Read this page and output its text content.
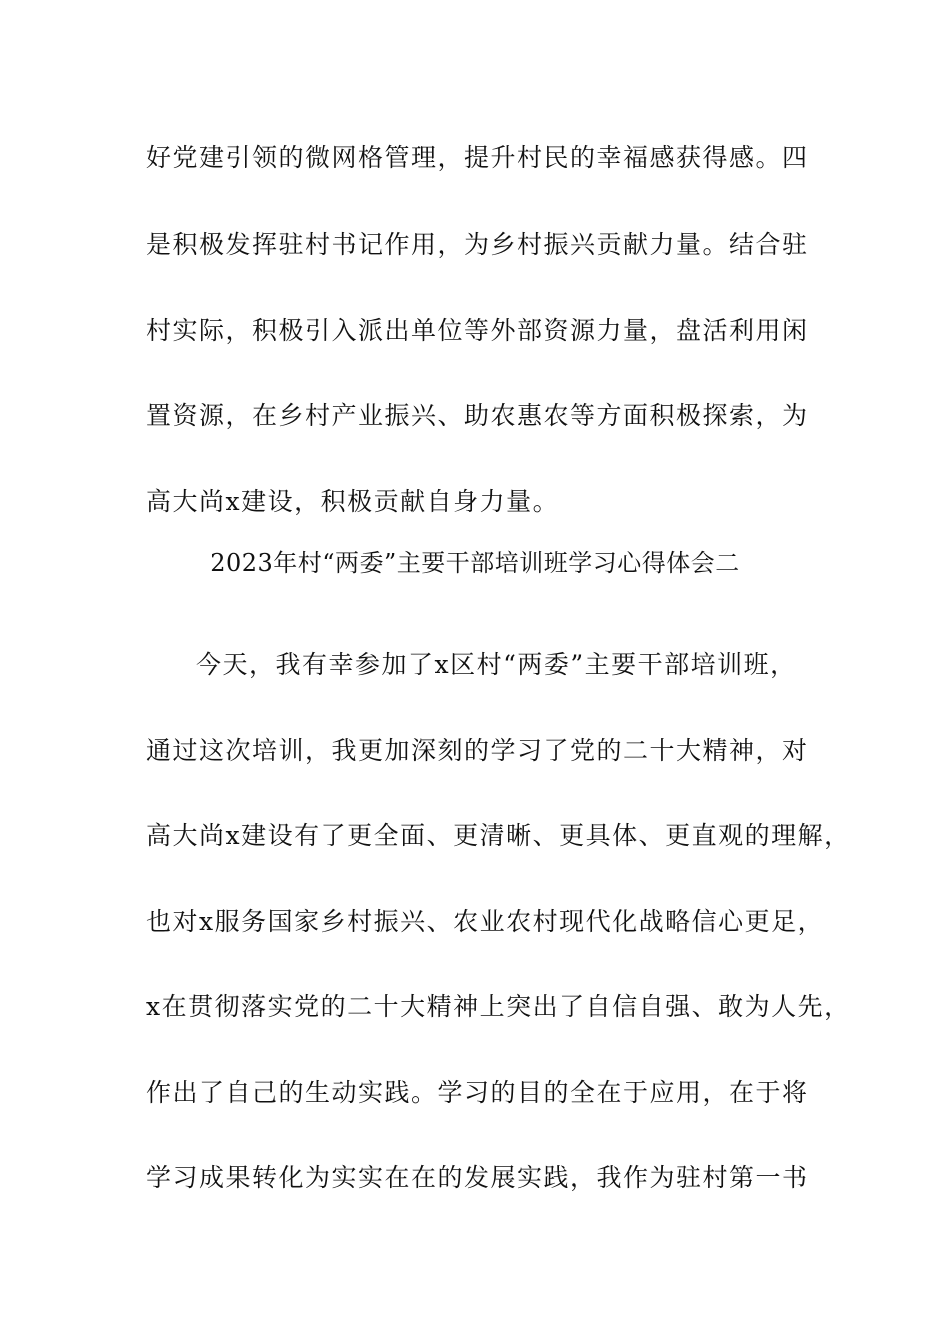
好党建引领的微网格管理，提升村民的幸福感获得感。四
是积极发挥驻村书记作用，为乡村振兴贡献力量。结合驻
村实际，积极引入派出单位等外部资源力量，盘活利用闲
置资源，在乡村产业振兴、助农惠农等方面积极探索，为
高大尚x建设，积极贡献自身力量。
2023年村“两委”主要干部培训班学习心得体会二
今天，我有幸参加了x区村“两委”主要干部培训班，
通过这次培训，我更加深刻的学习了党的二十大精神，对
高大尚x建设有了更全面、更清晰、更具体、更直观的理解，
也对x服务国家乡村振兴、农业农村现代化战略信心更足，
x在贯彻落实党的二十大精神上突出了自信自强、敢为人先，
作出了自己的生动实践。学习的目的全在于应用，在于将
学习成果转化为实实在在的发展实践，我作为驻村第一书
